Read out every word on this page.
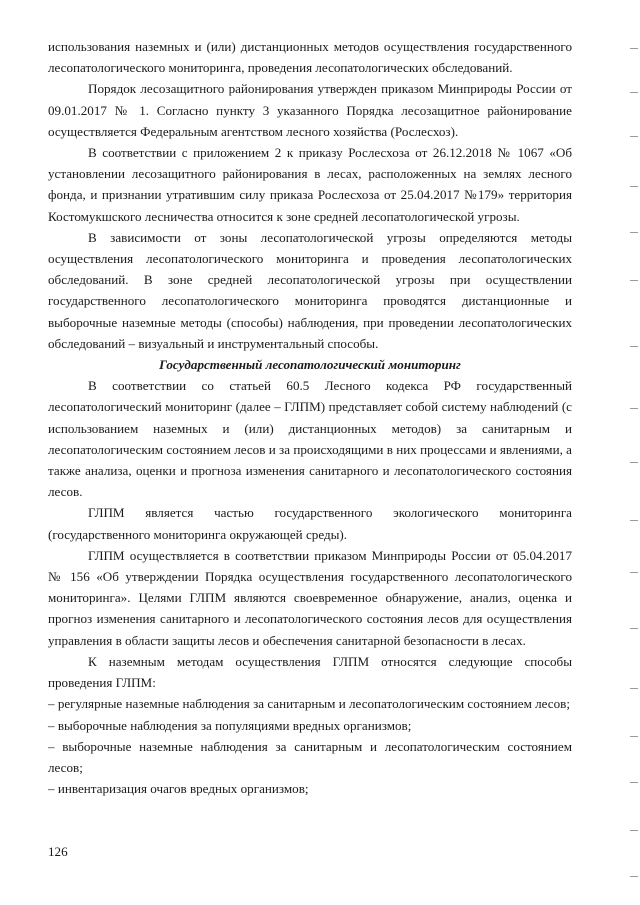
использования наземных и (или) дистанционных методов осуществления государственного лесопатологического мониторинга, проведения лесопатологических обследований.

Порядок лесозащитного районирования утвержден приказом Минприроды России от 09.01.2017 № 1. Согласно пункту 3 указанного Порядка лесозащитное районирование осуществляется Федеральным агентством лесного хозяйства (Рослесхоз).

В соответствии с приложением 2 к приказу Рослесхоза от 26.12.2018 № 1067 «Об установлении лесозащитного районирования в лесах, расположенных на землях лесного фонда, и признании утратившим силу приказа Рослесхоза от 25.04.2017 №179» территория Костомукшского лесничества относится к зоне средней лесопатологической угрозы.

В зависимости от зоны лесопатологической угрозы определяются методы осуществления лесопатологического мониторинга и проведения лесопатологических обследований. В зоне средней лесопатологической угрозы при осуществлении государственного лесопатологического мониторинга проводятся дистанционные и выборочные наземные методы (способы) наблюдения, при проведении лесопатологических обследований – визуальный и инструментальный способы.

Государственный лесопатологический мониторинг

В соответствии со статьей 60.5 Лесного кодекса РФ государственный лесопатологический мониторинг (далее – ГЛПМ) представляет собой систему наблюдений (с использованием наземных и (или) дистанционных методов) за санитарным и лесопатологическим состоянием лесов и за происходящими в них процессами и явлениями, а также анализа, оценки и прогноза изменения санитарного и лесопатологического состояния лесов.

ГЛПМ является частью государственного экологического мониторинга (государственного мониторинга окружающей среды).

ГЛПМ осуществляется в соответствии приказом Минприроды России от 05.04.2017 № 156 «Об утверждении Порядка осуществления государственного лесопатологического мониторинга». Целями ГЛПМ являются своевременное обнаружение, анализ, оценка и прогноз изменения санитарного и лесопатологического состояния лесов для осуществления управления в области защиты лесов и обеспечения санитарной безопасности в лесах.

К наземным методам осуществления ГЛПМ относятся следующие способы проведения ГЛПМ:

– регулярные наземные наблюдения за санитарным и лесопатологическим состоянием лесов;

– выборочные наблюдения за популяциями вредных организмов;

– выборочные наземные наблюдения за санитарным и лесопатологическим состоянием лесов;

– инвентаризация очагов вредных организмов;

126
